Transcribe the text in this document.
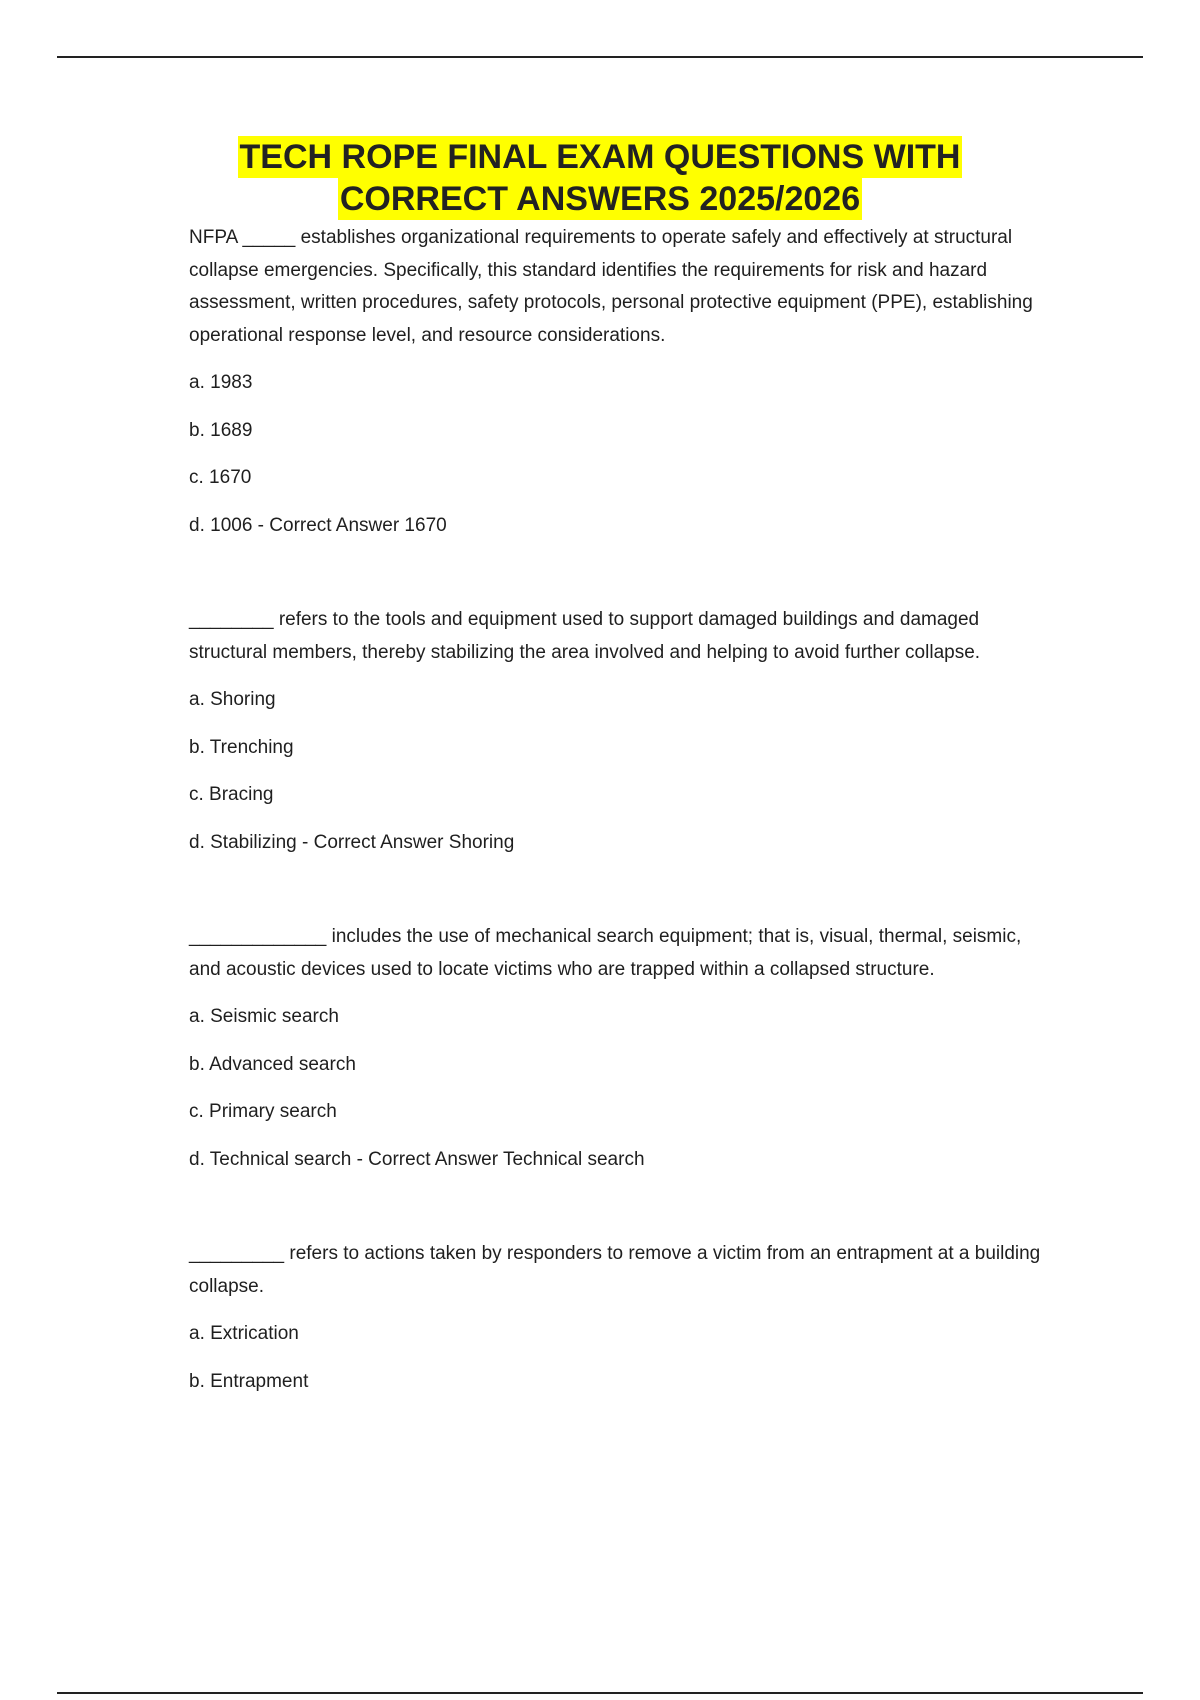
TECH ROPE FINAL EXAM QUESTIONS WITH
CORRECT ANSWERS 2025/2026

NFPA _____ establishes organizational requirements to operate safely and effectively at structural collapse emergencies. Specifically, this standard identifies the requirements for risk and hazard assessment, written procedures, safety protocols, personal protective equipment (PPE), establishing operational response level, and resource considerations.

a. 1983

b. 1689

c. 1670

d. 1006 - Correct Answer 1670

________ refers to the tools and equipment used to support damaged buildings and damaged structural members, thereby stabilizing the area involved and helping to avoid further collapse.

a. Shoring

b. Trenching

c. Bracing

d. Stabilizing - Correct Answer Shoring

_____________ includes the use of mechanical search equipment; that is, visual, thermal, seismic, and acoustic devices used to locate victims who are trapped within a collapsed structure.

a. Seismic search

b. Advanced search

c. Primary search

d. Technical search - Correct Answer Technical search

_________ refers to actions taken by responders to remove a victim from an entrapment at a building collapse.

a. Extrication

b. Entrapment
